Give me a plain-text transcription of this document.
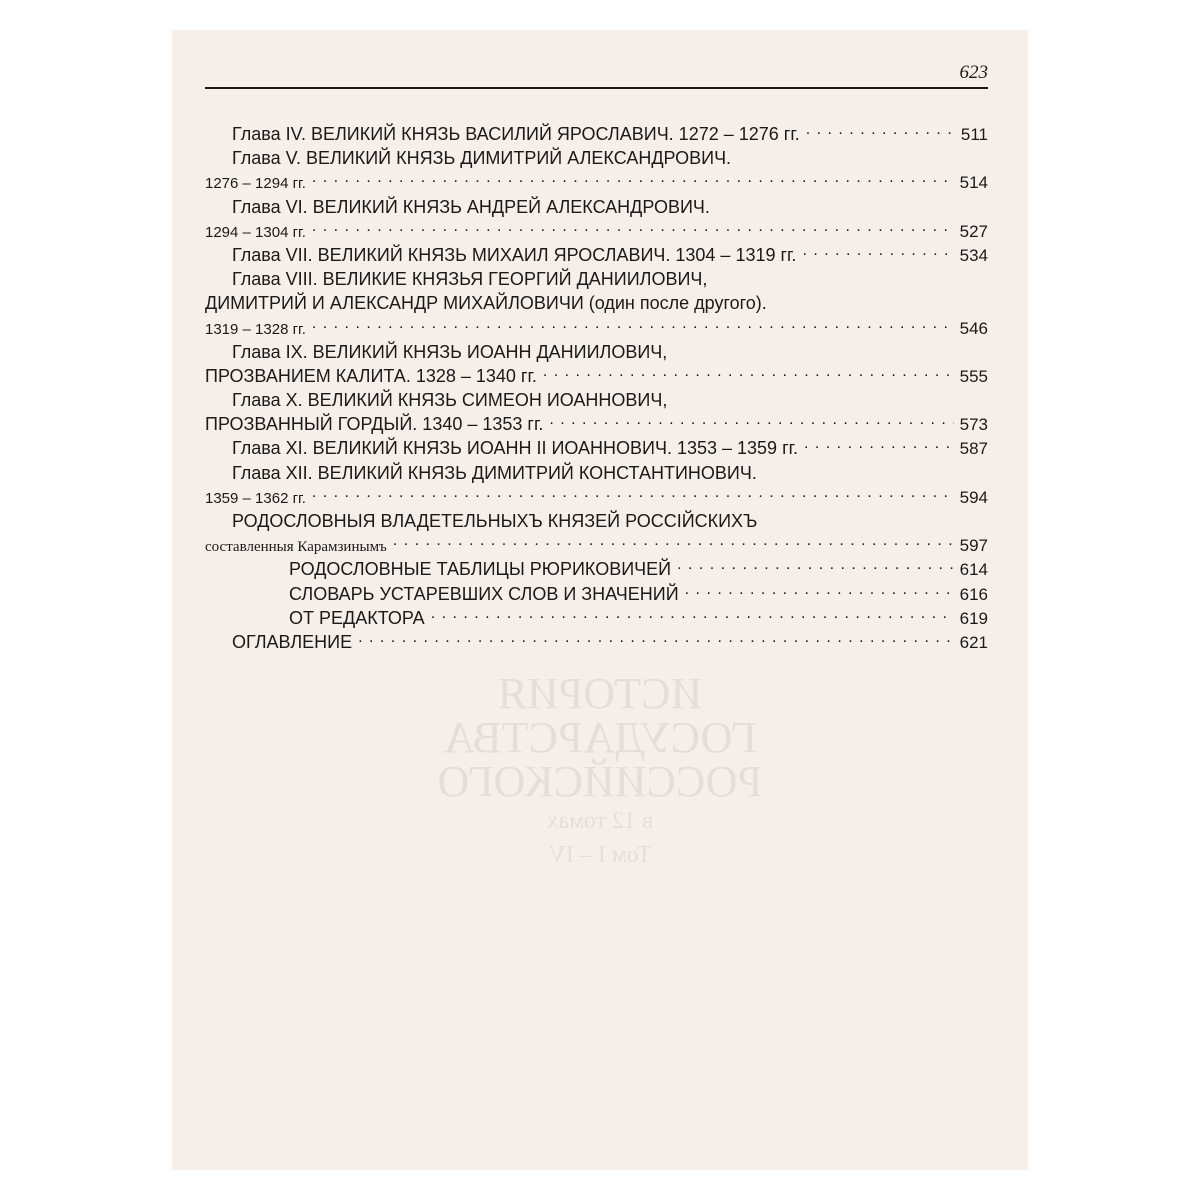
ИСТОРИЯ
ГОСУДАРСТВА
РОССИЙСКОГО
в 12 томах
Том I – IV
623
Глава IV. ВЕЛИКИЙ КНЯЗЬ ВАСИЛИЙ ЯРОСЛАВИЧ. 1272 – 1276 гг. . . .	511
Глава V. ВЕЛИКИЙ КНЯЗЬ ДИМИТРИЙ АЛЕКСАНДРОВИЧ.
1276 – 1294 гг. . . .	514
Глава VI. ВЕЛИКИЙ КНЯЗЬ АНДРЕЙ АЛЕКСАНДРОВИЧ.
1294 – 1304 гг. . . .	527
Глава VII. ВЕЛИКИЙ КНЯЗЬ МИХАИЛ ЯРОСЛАВИЧ. 1304 – 1319 гг. . . .	534
Глава VIII. ВЕЛИКИЕ КНЯЗЬЯ ГЕОРГИЙ ДАНИИЛОВИЧ,
ДИМИТРИЙ И АЛЕКСАНДР МИХАЙЛОВИЧИ (один после другого).
1319 – 1328 гг. . . .	546
Глава IX. ВЕЛИКИЙ КНЯЗЬ ИОАНН ДАНИИЛОВИЧ,
ПРОЗВАНИЕМ КАЛИТА. 1328 – 1340 гг. . . .	555
Глава X. ВЕЛИКИЙ КНЯЗЬ СИМЕОН ИОАННОВИЧ,
ПРОЗВАННЫЙ ГОРДЫЙ. 1340 – 1353 гг. . . .	573
Глава XI. ВЕЛИКИЙ КНЯЗЬ ИОАНН II ИОАННОВИЧ. 1353 – 1359 гг. . . .	587
Глава XII. ВЕЛИКИЙ КНЯЗЬ ДИМИТРИЙ КОНСТАНТИНОВИЧ.
1359 – 1362 гг. . . .	594
РОДОСЛОВНЫЯ ВЛАДЕТЕЛЬНЫХЪ КНЯЗЕЙ РОССІЙСКИХЪ
составленныя Карамзинымъ . . .	597
РОДОСЛОВНЫЕ ТАБЛИЦЫ РЮРИКОВИЧЕЙ . . .	614
СЛОВАРЬ УСТАРЕВШИХ СЛОВ И ЗНАЧЕНИЙ . . .	616
ОТ РЕДАКТОРА . . .	619
ОГЛАВЛЕНИЕ . . .	621
